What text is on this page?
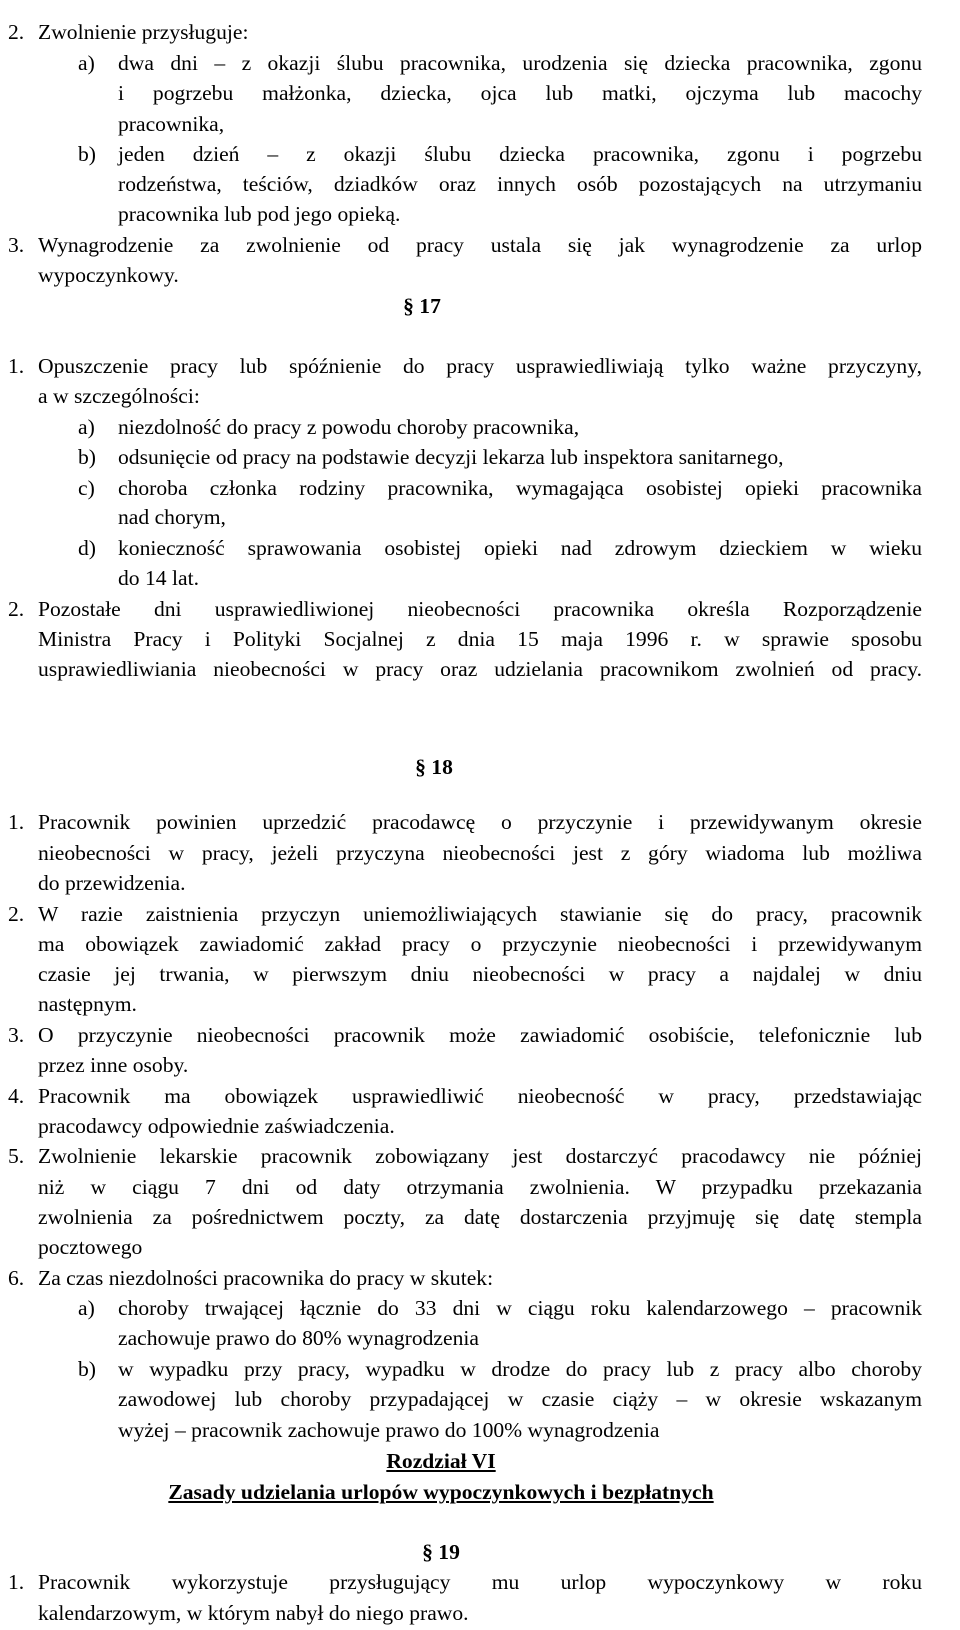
2. Zwolnienie przysługuje:
a) dwa dni – z okazji ślubu pracownika, urodzenia się dziecka pracownika, zgonu
i pogrzebu małżonka, dziecka, ojca lub matki, ojczyma lub macochy
pracownika,
b) jeden dzień – z okazji ślubu dziecka pracownika, zgonu i pogrzebu
rodzeństwa, teściów, dziadków oraz innych osób pozostających na utrzymaniu
pracownika lub pod jego opieką.
3. Wynagrodzenie za zwolnienie od pracy ustala się jak wynagrodzenie za urlop
wypoczynkowy.
§ 17
1. Opuszczenie pracy lub spóźnienie do pracy usprawiedliwiają tylko ważne przyczyny,
a w szczególności:
a) niezdolność do pracy z powodu choroby pracownika,
b) odsunięcie od pracy na podstawie decyzji lekarza lub inspektora sanitarnego,
c) choroba członka rodziny pracownika, wymagająca osobistej opieki pracownika
nad chorym,
d) konieczność sprawowania osobistej opieki nad zdrowym dzieckiem w wieku
do 14 lat.
2. Pozostałe dni usprawiedliwionej nieobecności pracownika określa Rozporządzenie
Ministra Pracy i Polityki Socjalnej z dnia 15 maja 1996 r. w sprawie sposobu
usprawiedliwiania nieobecności w pracy oraz udzielania pracownikom zwolnień od pracy.
§ 18
1. Pracownik powinien uprzedzić pracodawcę o przyczynie i przewidywanym okresie
nieobecności w pracy, jeżeli przyczyna nieobecności jest z góry wiadoma lub możliwa
do przewidzenia.
2. W razie zaistnienia przyczyn uniemożliwiających stawianie się do pracy, pracownik
ma obowiązek zawiadomić zakład pracy o przyczynie nieobecności i przewidywanym
czasie jej trwania, w pierwszym dniu nieobecności w pracy a najdalej w dniu
następnym.
3. O przyczynie nieobecności pracownik może zawiadomić osobiście, telefonicznie lub
przez inne osoby.
4. Pracownik ma obowiązek usprawiedliwić nieobecność w pracy, przedstawiając
pracodawcy odpowiednie zaświadczenia.
5. Zwolnienie lekarskie pracownik zobowiązany jest dostarczyć pracodawcy nie później
niż w ciągu 7 dni od daty otrzymania zwolnienia. W przypadku przekazania
zwolnienia za pośrednictwem poczty, za datę dostarczenia przyjmuję się datę stempla
pocztowego
6. Za czas niezdolności pracownika do pracy w skutek:
a) choroby trwającej łącznie do 33 dni w ciągu roku kalendarzowego – pracownik
zachowuje prawo do 80% wynagrodzenia
b) w wypadku przy pracy, wypadku w drodze do pracy lub z pracy albo choroby
zawodowej lub choroby przypadającej w czasie ciąży – w okresie wskazanym
wyżej – pracownik zachowuje prawo do 100% wynagrodzenia
Rozdział VI
Zasady udzielania urlopów wypoczynkowych i bezpłatnych
§ 19
1. Pracownik wykorzystuje przysługujący mu urlop wypoczynkowy w roku
kalendarzowym, w którym nabył do niego prawo.
